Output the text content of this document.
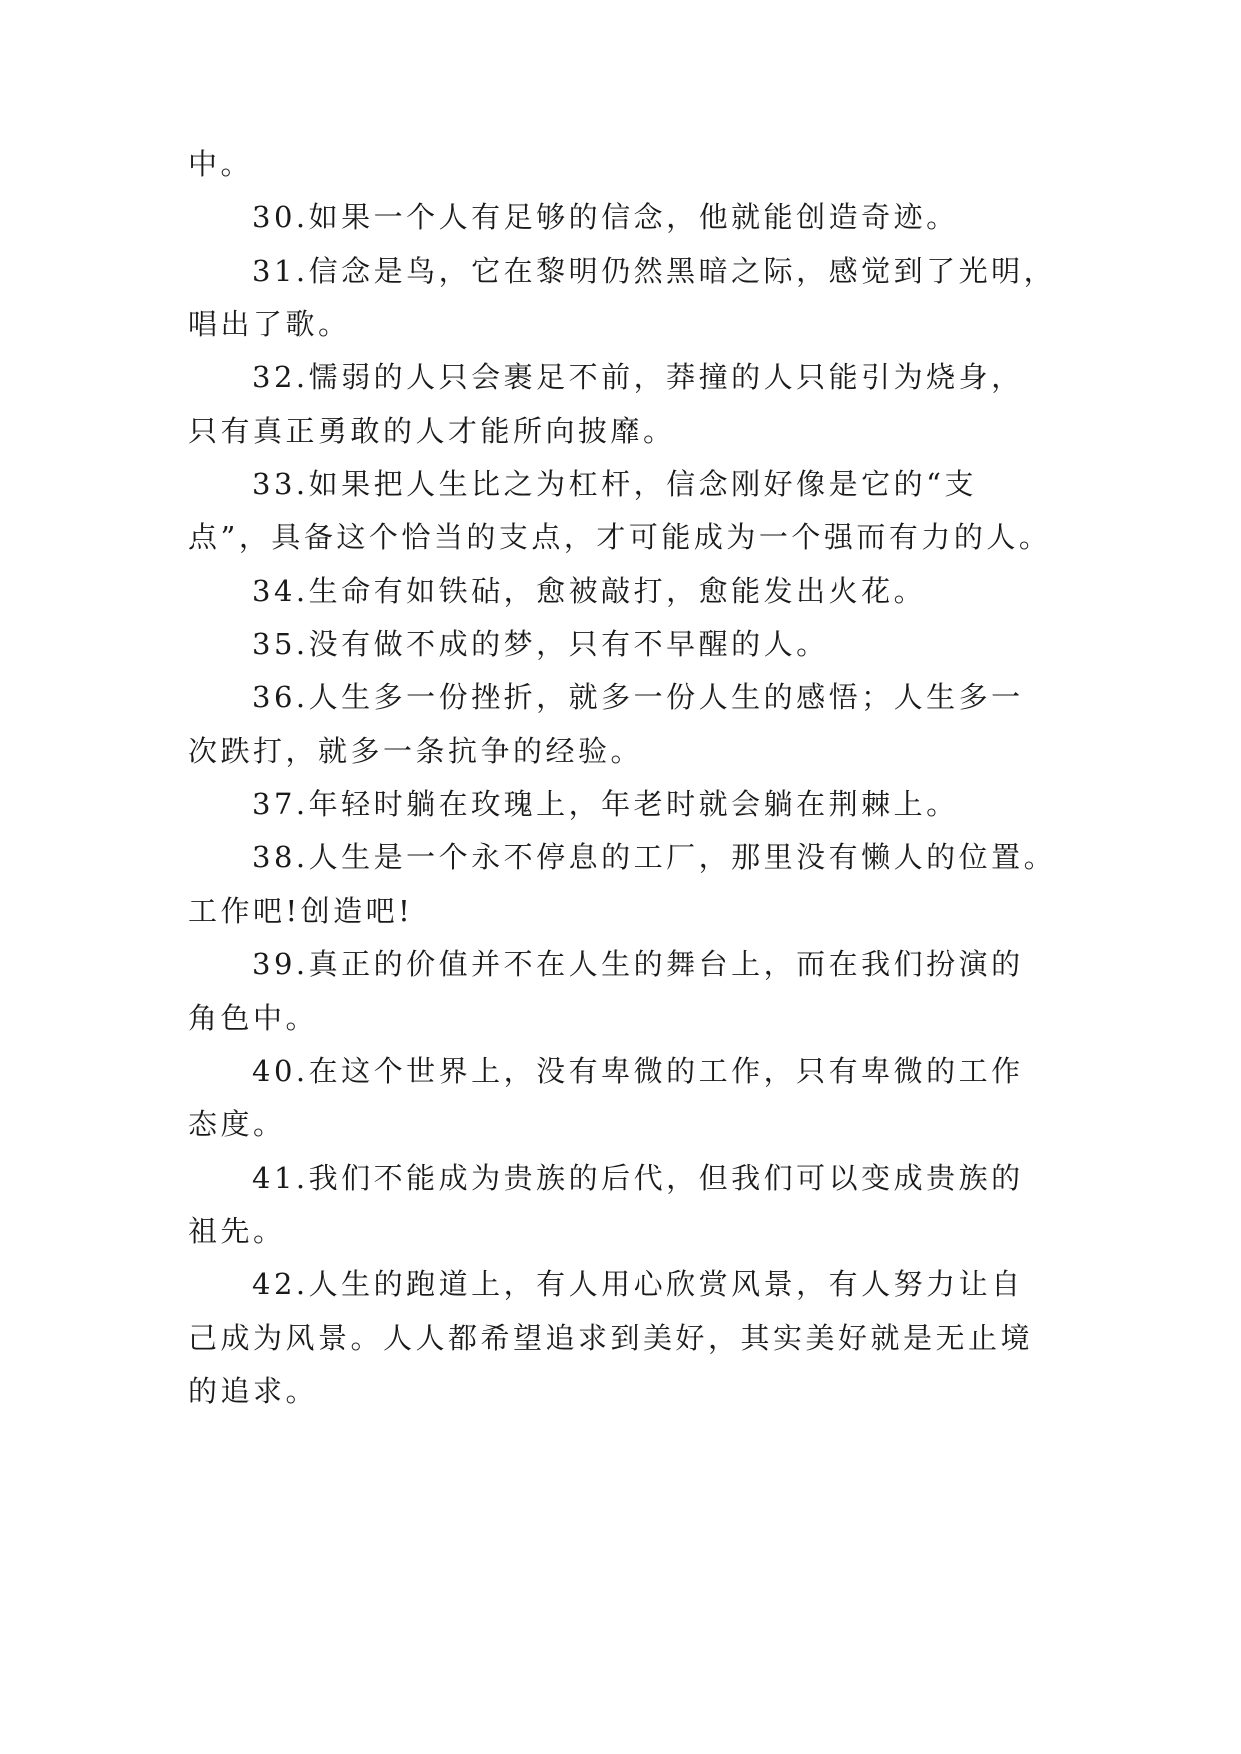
中。
30.如果一个人有足够的信念，他就能创造奇迹。
31.信念是鸟，它在黎明仍然黑暗之际，感觉到了光明，
唱出了歌。
32.懦弱的人只会裹足不前，莽撞的人只能引为烧身，
只有真正勇敢的人才能所向披靡。
33.如果把人生比之为杠杆，信念刚好像是它的“支
点”，具备这个恰当的支点，才可能成为一个强而有力的人。
34.生命有如铁砧，愈被敲打，愈能发出火花。
35.没有做不成的梦，只有不早醒的人。
36.人生多一份挫折，就多一份人生的感悟；人生多一
次跌打，就多一条抗争的经验。
37.年轻时躺在玫瑰上，年老时就会躺在荆棘上。
38.人生是一个永不停息的工厂，那里没有懒人的位置。
工作吧!创造吧!
39.真正的价值并不在人生的舞台上，而在我们扮演的
角色中。
40.在这个世界上，没有卑微的工作，只有卑微的工作
态度。
41.我们不能成为贵族的后代，但我们可以变成贵族的
祖先。
42.人生的跑道上，有人用心欣赏风景，有人努力让自
己成为风景。人人都希望追求到美好，其实美好就是无止境
的追求。
